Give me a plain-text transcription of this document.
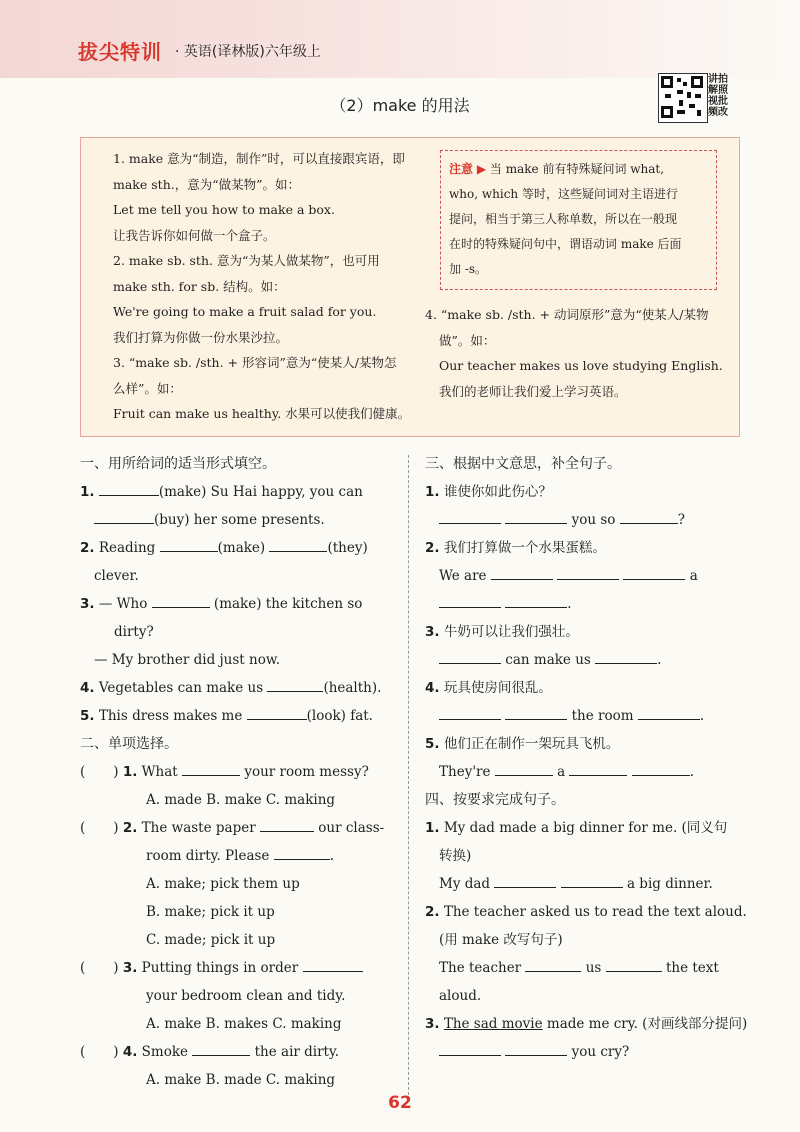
拔尖特训 · 英语(译林版)六年级上
讲拍
解照
视批
频改
（2）make 的用法
1. make 意为“制造，制作”时，可以直接跟宾语，即
make sth.，意为“做某物”。如：
Let me tell you how to make a box.
让我告诉你如何做一个盒子。
2. make sb. sth. 意为“为某人做某物”，也可用
make sth. for sb. 结构。如：
We're going to make a fruit salad for you.
我们打算为你做一份水果沙拉。
3. “make sb. /sth. + 形容词”意为“使某人/某物怎
么样”。如：
Fruit can make us healthy. 水果可以使我们健康。
注意 ▶ 当 make 前有特殊疑问词 what,
who, which 等时，这些疑问词对主语进行
提问，相当于第三人称单数，所以在一般现
在时的特殊疑问句中，谓语动词 make 后面
加 -s。
4. “make sb. /sth. + 动词原形”意为“使某人/某物
做”。如：
Our teacher makes us love studying English.
我们的老师让我们爱上学习英语。
一、用所给词的适当形式填空。
1.	(make) Su Hai happy, you can
(buy) her some presents.
2. Reading	(make)	(they)
clever.
3. — Who	(make) the kitchen so
dirty?
— My brother did just now.
4. Vegetables can make us	(health).
5. This dress makes me	(look) fat.
二、单项选择。
( ) 1. What	your room messy?
A. made B. make C. making
( ) 2. The waste paper	our class-
room dirty. Please	.
A. make; pick them up
B. make; pick it up
C. made; pick it up
( ) 3. Putting things in order
your bedroom clean and tidy.
A. make B. makes C. making
( ) 4. Smoke	the air dirty.
A. make B. made C. making
三、根据中文意思，补全句子。
1. 谁使你如此伤心？
you so	?
2. 我们打算做一个水果蛋糕。
We are	a
.
3. 牛奶可以让我们强壮。
can make us	.
4. 玩具使房间很乱。
the room	.
5. 他们正在制作一架玩具飞机。
They're	a	.
四、按要求完成句子。
1. My dad made a big dinner for me. (同义句
转换)
My dad	a big dinner.
2. The teacher asked us to read the text aloud.
(用 make 改写句子)
The teacher	us	the text
aloud.
3. The sad movie made me cry. (对画线部分提问)
you cry?
62
